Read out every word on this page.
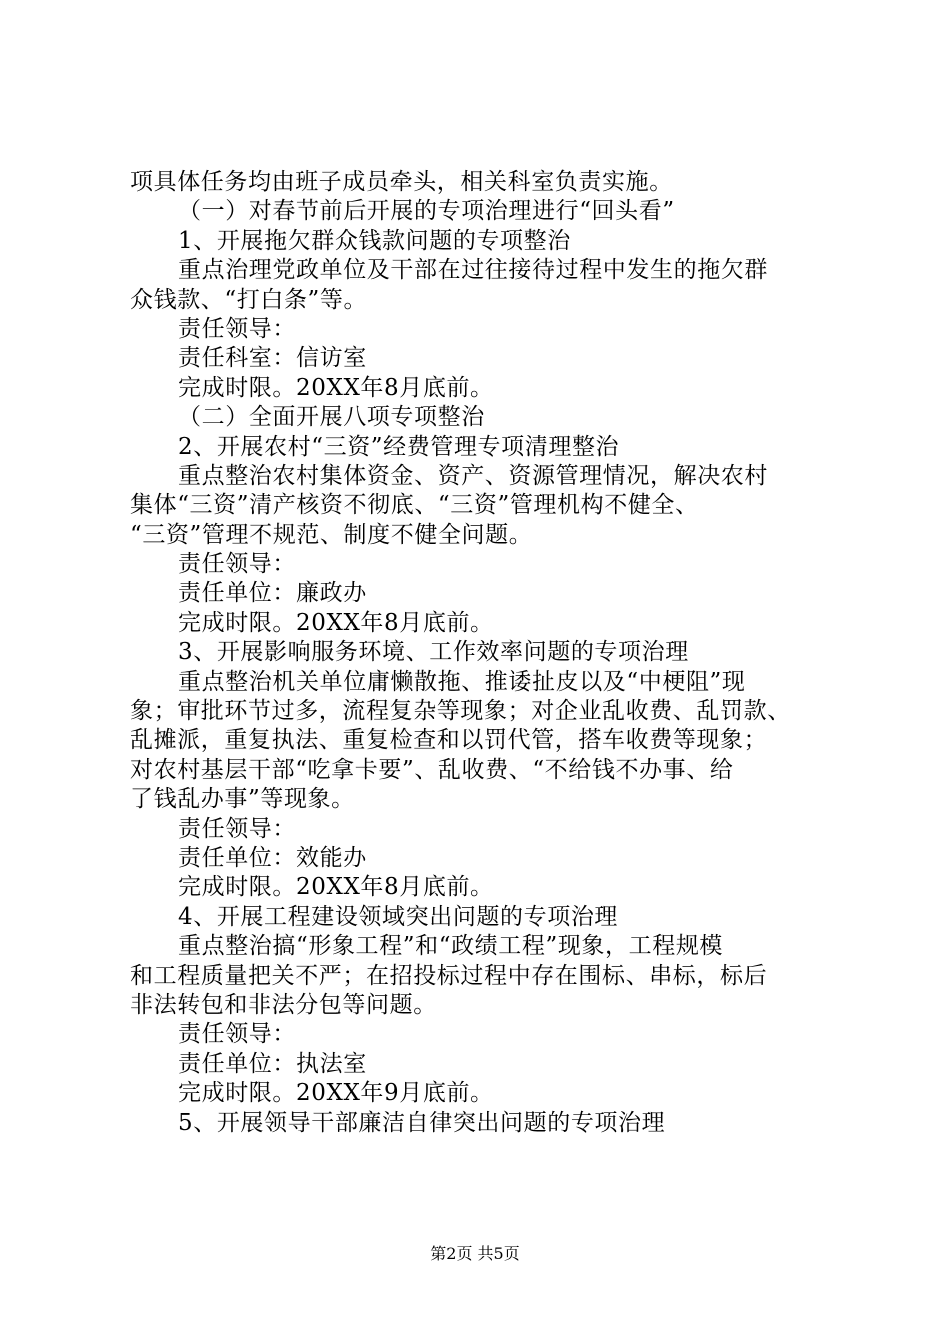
项具体任务均由班子成员牵头，相关科室负责实施。
（一）对春节前后开展的专项治理进行“回头看”
1、开展拖欠群众钱款问题的专项整治
重点治理党政单位及干部在过往接待过程中发生的拖欠群
众钱款、“打白条”等。
责任领导：
责任科室：信访室
完成时限。20XX年8月底前。
（二）全面开展八项专项整治
2、开展农村“三资”经费管理专项清理整治
重点整治农村集体资金、资产、资源管理情况，解决农村
集体“三资”清产核资不彻底、“三资”管理机构不健全、
“三资”管理不规范、制度不健全问题。
责任领导：
责任单位：廉政办
完成时限。20XX年8月底前。
3、开展影响服务环境、工作效率问题的专项治理
重点整治机关单位庸懒散拖、推诿扯皮以及“中梗阻”现
象；审批环节过多，流程复杂等现象；对企业乱收费、乱罚款、
乱摊派，重复执法、重复检查和以罚代管，搭车收费等现象；
对农村基层干部“吃拿卡要”、乱收费、“不给钱不办事、给
了钱乱办事”等现象。
责任领导：
责任单位：效能办
完成时限。20XX年8月底前。
4、开展工程建设领域突出问题的专项治理
重点整治搞“形象工程”和“政绩工程”现象，工程规模
和工程质量把关不严；在招投标过程中存在围标、串标，标后
非法转包和非法分包等问题。
责任领导：
责任单位：执法室
完成时限。20XX年9月底前。
5、开展领导干部廉洁自律突出问题的专项治理
第2页 共5页
